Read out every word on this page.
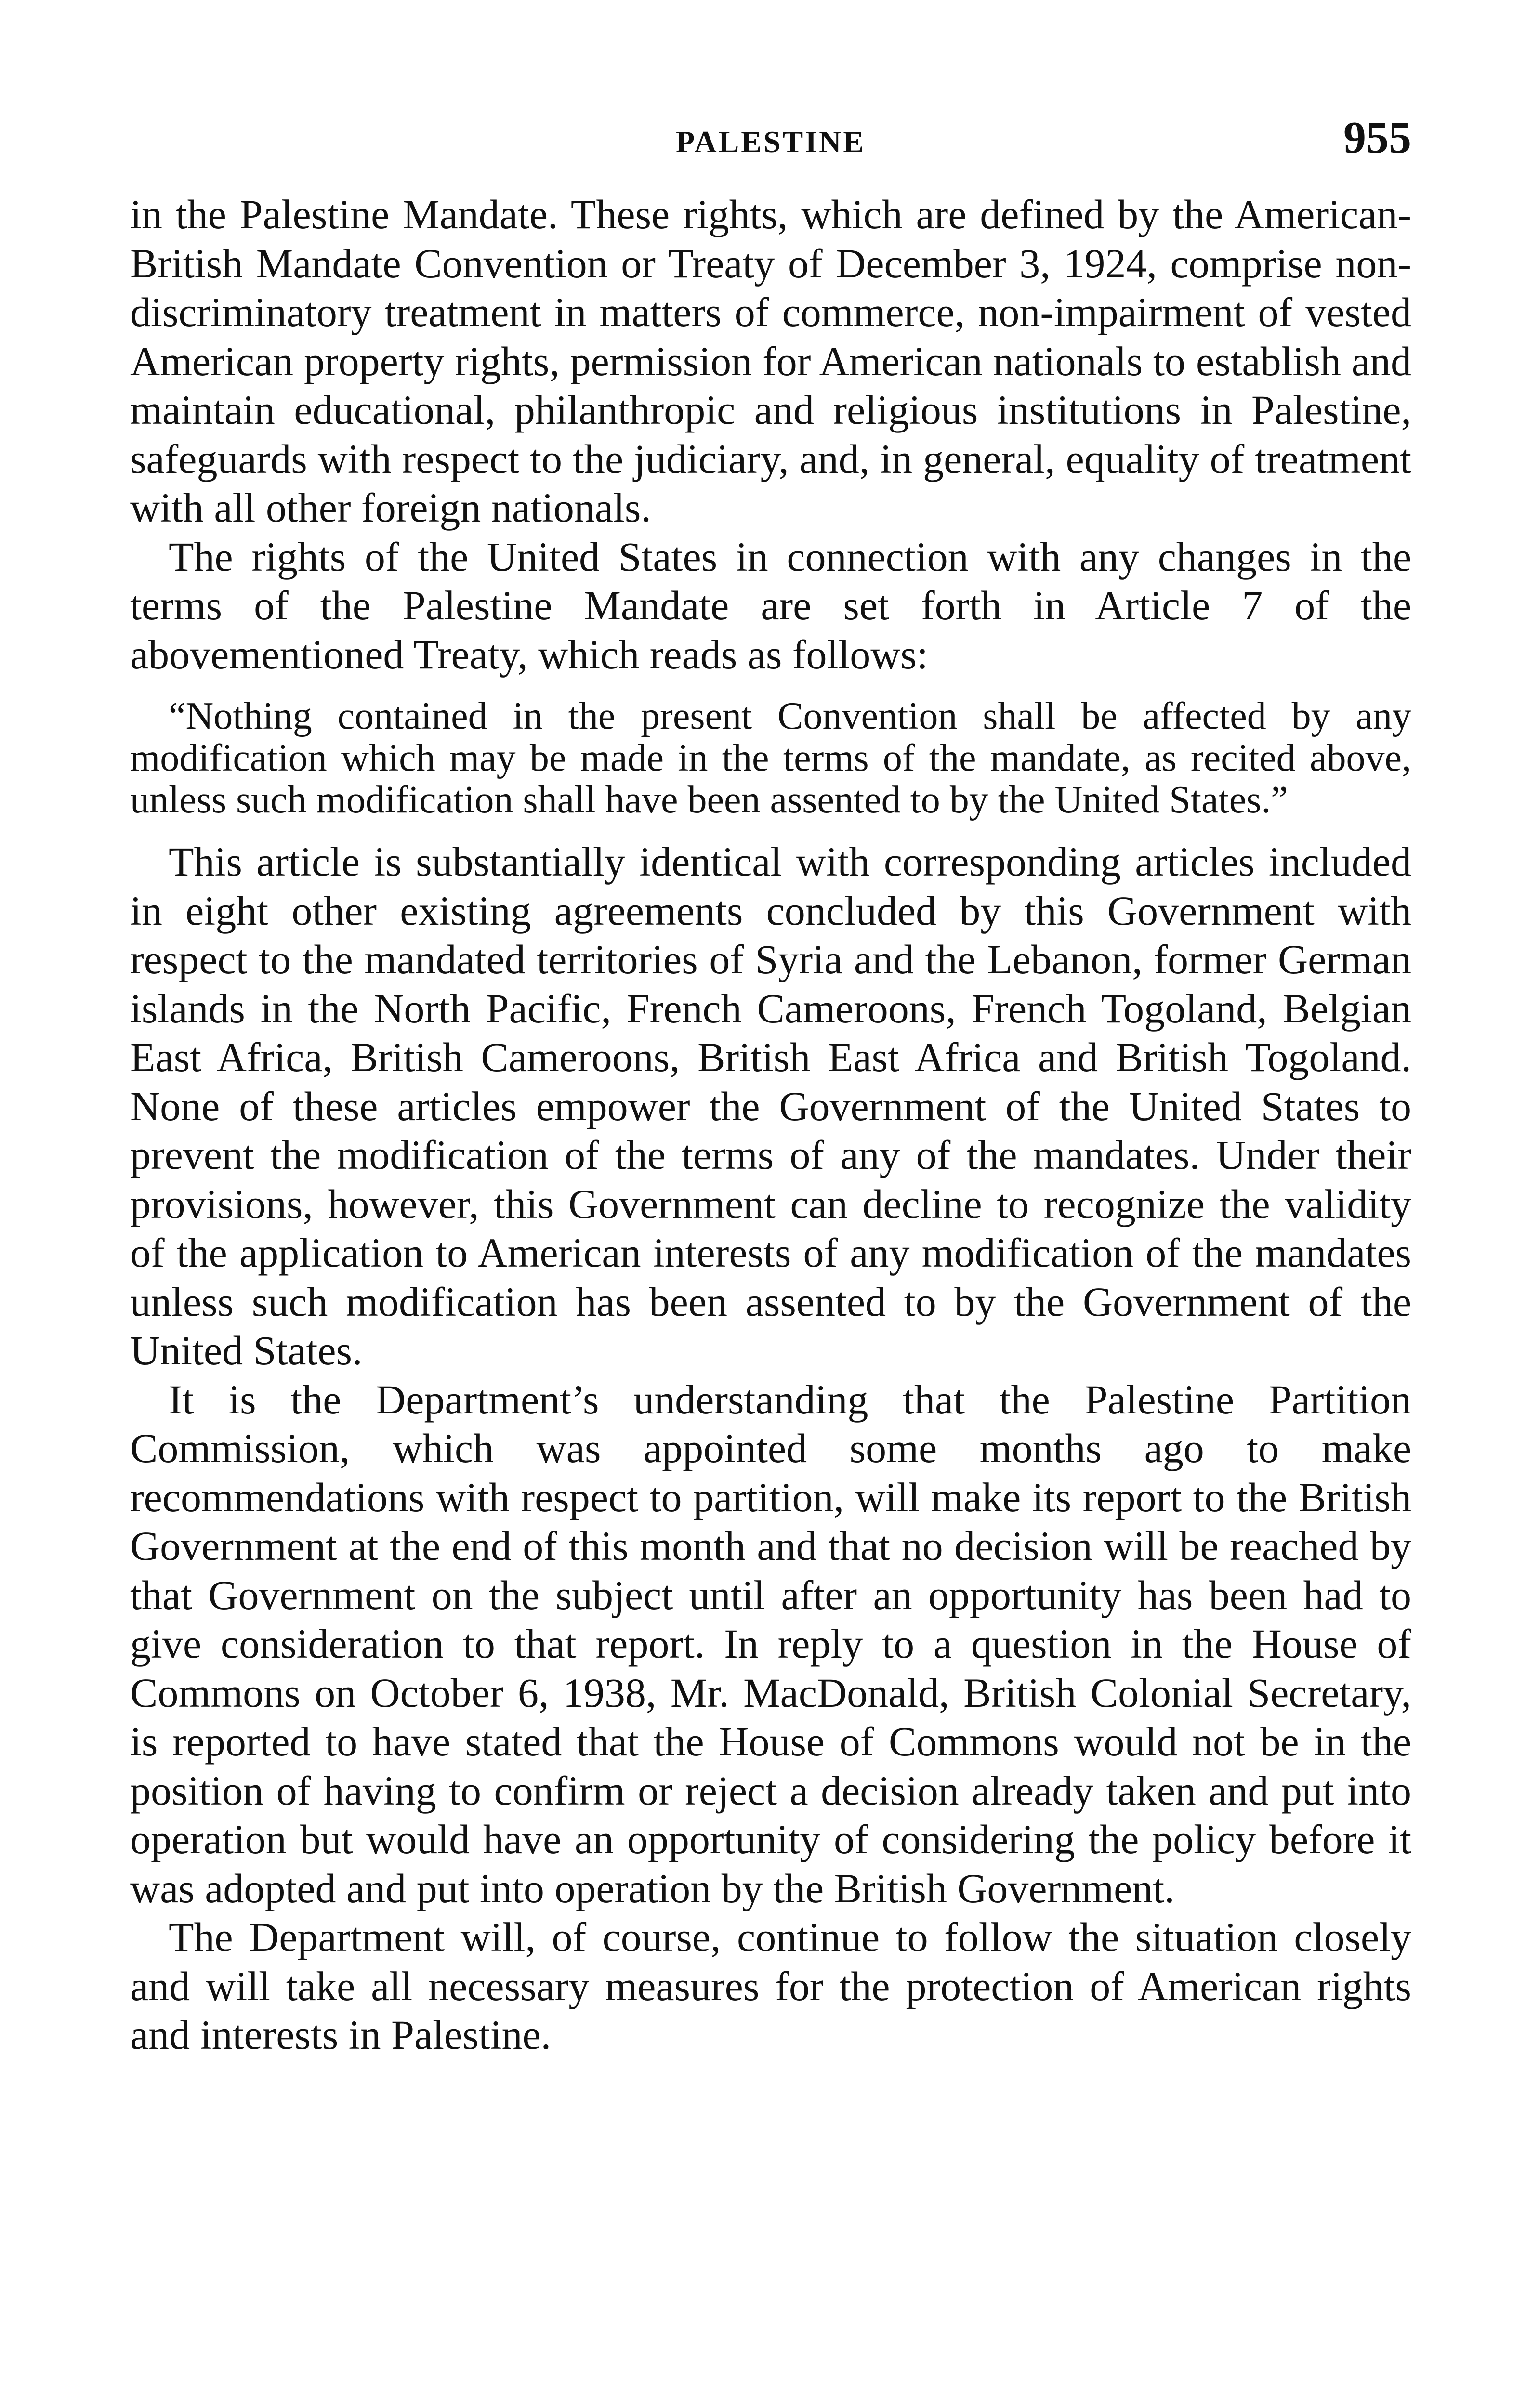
PALESTINE	955

in the Palestine Mandate. These rights, which are defined by the American-British Mandate Convention or Treaty of December 3, 1924, comprise non-discriminatory treatment in matters of commerce, non-impairment of vested American property rights, permission for American nationals to establish and maintain educational, philanthropic and religious institutions in Palestine, safeguards with respect to the judiciary, and, in general, equality of treatment with all other foreign nationals.

The rights of the United States in connection with any changes in the terms of the Palestine Mandate are set forth in Article 7 of the abovementioned Treaty, which reads as follows:

“Nothing contained in the present Convention shall be affected by any modification which may be made in the terms of the mandate, as recited above, unless such modification shall have been assented to by the United States.”

This article is substantially identical with corresponding articles included in eight other existing agreements concluded by this Government with respect to the mandated territories of Syria and the Lebanon, former German islands in the North Pacific, French Cameroons, French Togoland, Belgian East Africa, British Cameroons, British East Africa and British Togoland. None of these articles empower the Government of the United States to prevent the modification of the terms of any of the mandates. Under their provisions, however, this Government can decline to recognize the validity of the application to American interests of any modification of the mandates unless such modification has been assented to by the Government of the United States.

It is the Department’s understanding that the Palestine Partition Commission, which was appointed some months ago to make recommendations with respect to partition, will make its report to the British Government at the end of this month and that no decision will be reached by that Government on the subject until after an opportunity has been had to give consideration to that report. In reply to a question in the House of Commons on October 6, 1938, Mr. MacDonald, British Colonial Secretary, is reported to have stated that the House of Commons would not be in the position of having to confirm or reject a decision already taken and put into operation but would have an opportunity of considering the policy before it was adopted and put into operation by the British Government.

The Department will, of course, continue to follow the situation closely and will take all necessary measures for the protection of American rights and interests in Palestine.
